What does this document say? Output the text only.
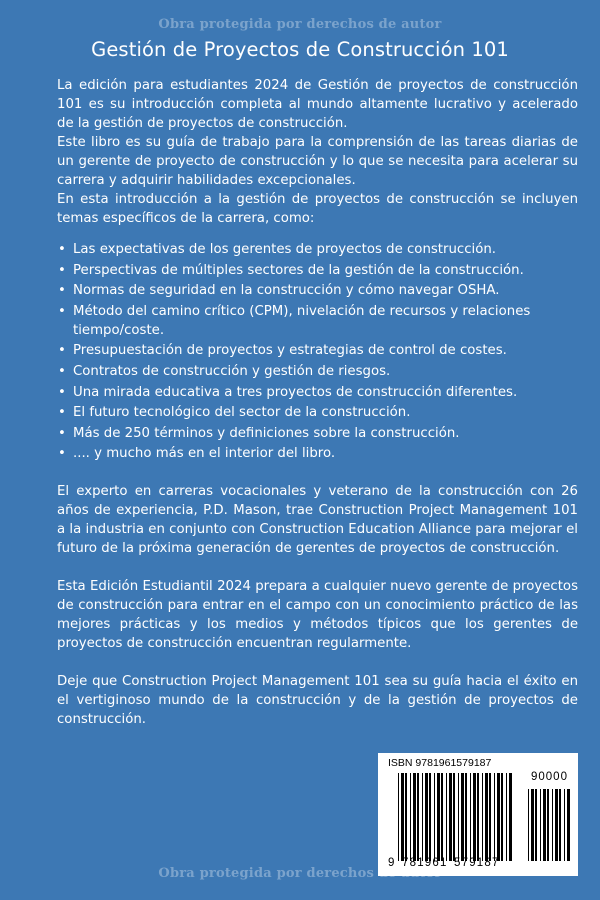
Obra protegida por derechos de autor
Gestión de Proyectos de Construcción 101

La edición para estudiantes 2024 de Gestión de proyectos de construcción 101 es su introducción completa al mundo altamente lucrativo y acelerado de la gestión de proyectos de construcción.

Este libro es su guía de trabajo para la comprensión de las tareas diarias de un gerente de proyecto de construcción y lo que se necesita para acelerar su carrera y adquirir habilidades excepcionales.

En esta introducción a la gestión de proyectos de construcción se incluyen temas específicos de la carrera, como:

• Las expectativas de los gerentes de proyectos de construcción.
• Perspectivas de múltiples sectores de la gestión de la construcción.
• Normas de seguridad en la construcción y cómo navegar OSHA.
• Método del camino crítico (CPM), nivelación de recursos y relaciones tiempo/coste.
• Presupuestación de proyectos y estrategias de control de costes.
• Contratos de construcción y gestión de riesgos.
• Una mirada educativa a tres proyectos de construcción diferentes.
• El futuro tecnológico del sector de la construcción.
• Más de 250 términos y definiciones sobre la construcción.
• .... y mucho más en el interior del libro.

El experto en carreras vocacionales y veterano de la construcción con 26 años de experiencia, P.D. Mason, trae Construction Project Management 101 a la industria en conjunto con Construction Education Alliance para mejorar el futuro de la próxima generación de gerentes de proyectos de construcción.

Esta Edición Estudiantil 2024 prepara a cualquier nuevo gerente de proyectos de construcción para entrar en el campo con un conocimiento práctico de las mejores prácticas y los medios y métodos típicos que los gerentes de proyectos de construcción encuentran regularmente.

Deje que Construction Project Management 101 sea su guía hacia el éxito en el vertiginoso mundo de la construcción y de la gestión de proyectos de construcción.

ISBN 9781961579187
9 781961 579187
90000
Obra protegida por derechos de autor
